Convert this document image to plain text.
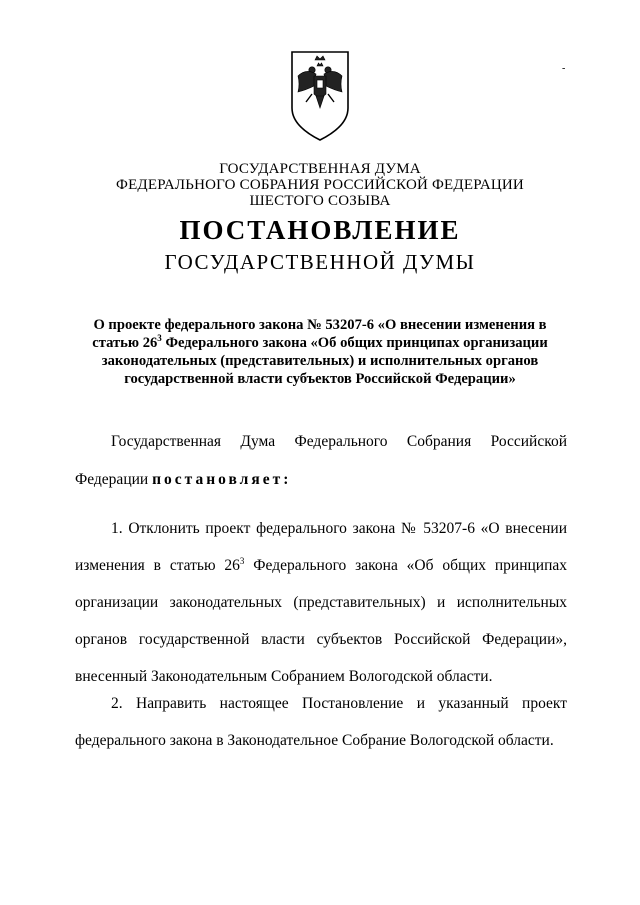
-
ГОСУДАРСТВЕННАЯ ДУМА
ФЕДЕРАЛЬНОГО СОБРАНИЯ РОССИЙСКОЙ ФЕДЕРАЦИИ
ШЕСТОГО СОЗЫВА
ПОСТАНОВЛЕНИЕ
ГОСУДАРСТВЕННОЙ ДУМЫ
О проекте федерального закона № 53207-6 «О внесении изменения в статью $26^3$ Федерального закона «Об общих принципах организации законодательных (представительных) и исполнительных органов государственной власти субъектов Российской Федерации»
Государственная Дума Федерального Собрания Российской
Федерации постановляет:
1. Отклонить проект федерального закона № 53207-6 «О внесении
изменения в статью $26^3$ Федерального закона «Об общих принципах
организации законодательных (представительных) и исполнительных
органов государственной власти субъектов Российской Федерации»,
внесенный Законодательным Собранием Вологодской области.
2. Направить настоящее Постановление и указанный проект
федерального закона в Законодательное Собрание Вологодской области.
